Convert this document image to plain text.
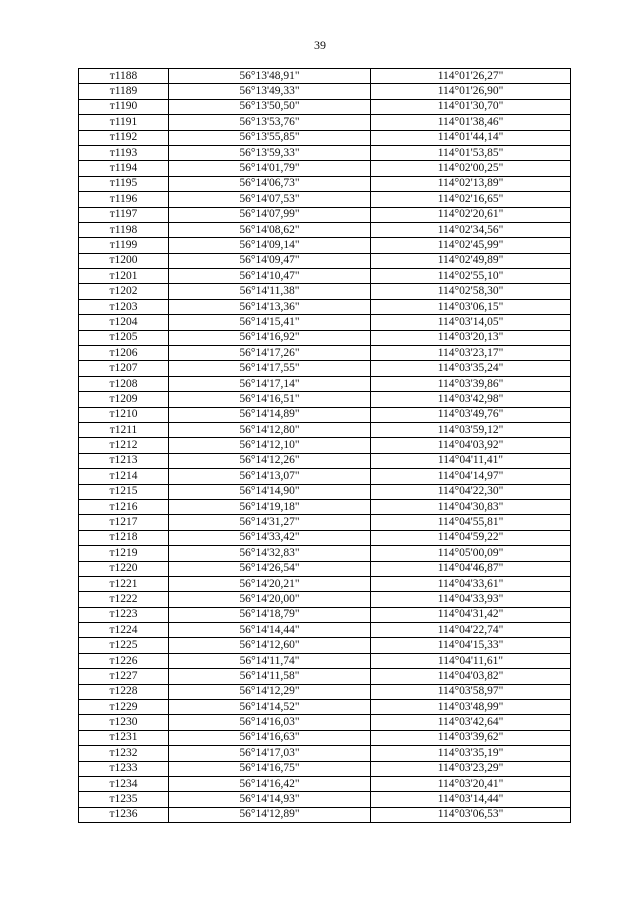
39
т1188	56°13'48,91"	114°01'26,27"
т1189	56°13'49,33"	114°01'26,90"
т1190	56°13'50,50"	114°01'30,70"
т1191	56°13'53,76"	114°01'38,46"
т1192	56°13'55,85"	114°01'44,14"
т1193	56°13'59,33"	114°01'53,85"
т1194	56°14'01,79"	114°02'00,25"
т1195	56°14'06,73"	114°02'13,89"
т1196	56°14'07,53"	114°02'16,65"
т1197	56°14'07,99"	114°02'20,61"
т1198	56°14'08,62"	114°02'34,56"
т1199	56°14'09,14"	114°02'45,99"
т1200	56°14'09,47"	114°02'49,89"
т1201	56°14'10,47"	114°02'55,10"
т1202	56°14'11,38"	114°02'58,30"
т1203	56°14'13,36"	114°03'06,15"
т1204	56°14'15,41"	114°03'14,05"
т1205	56°14'16,92"	114°03'20,13"
т1206	56°14'17,26"	114°03'23,17"
т1207	56°14'17,55"	114°03'35,24"
т1208	56°14'17,14"	114°03'39,86"
т1209	56°14'16,51"	114°03'42,98"
т1210	56°14'14,89"	114°03'49,76"
т1211	56°14'12,80"	114°03'59,12"
т1212	56°14'12,10"	114°04'03,92"
т1213	56°14'12,26"	114°04'11,41"
т1214	56°14'13,07"	114°04'14,97"
т1215	56°14'14,90"	114°04'22,30"
т1216	56°14'19,18"	114°04'30,83"
т1217	56°14'31,27"	114°04'55,81"
т1218	56°14'33,42"	114°04'59,22"
т1219	56°14'32,83"	114°05'00,09"
т1220	56°14'26,54"	114°04'46,87"
т1221	56°14'20,21"	114°04'33,61"
т1222	56°14'20,00"	114°04'33,93"
т1223	56°14'18,79"	114°04'31,42"
т1224	56°14'14,44"	114°04'22,74"
т1225	56°14'12,60"	114°04'15,33"
т1226	56°14'11,74"	114°04'11,61"
т1227	56°14'11,58"	114°04'03,82"
т1228	56°14'12,29"	114°03'58,97"
т1229	56°14'14,52"	114°03'48,99"
т1230	56°14'16,03"	114°03'42,64"
т1231	56°14'16,63"	114°03'39,62"
т1232	56°14'17,03"	114°03'35,19"
т1233	56°14'16,75"	114°03'23,29"
т1234	56°14'16,42"	114°03'20,41"
т1235	56°14'14,93"	114°03'14,44"
т1236	56°14'12,89"	114°03'06,53"
